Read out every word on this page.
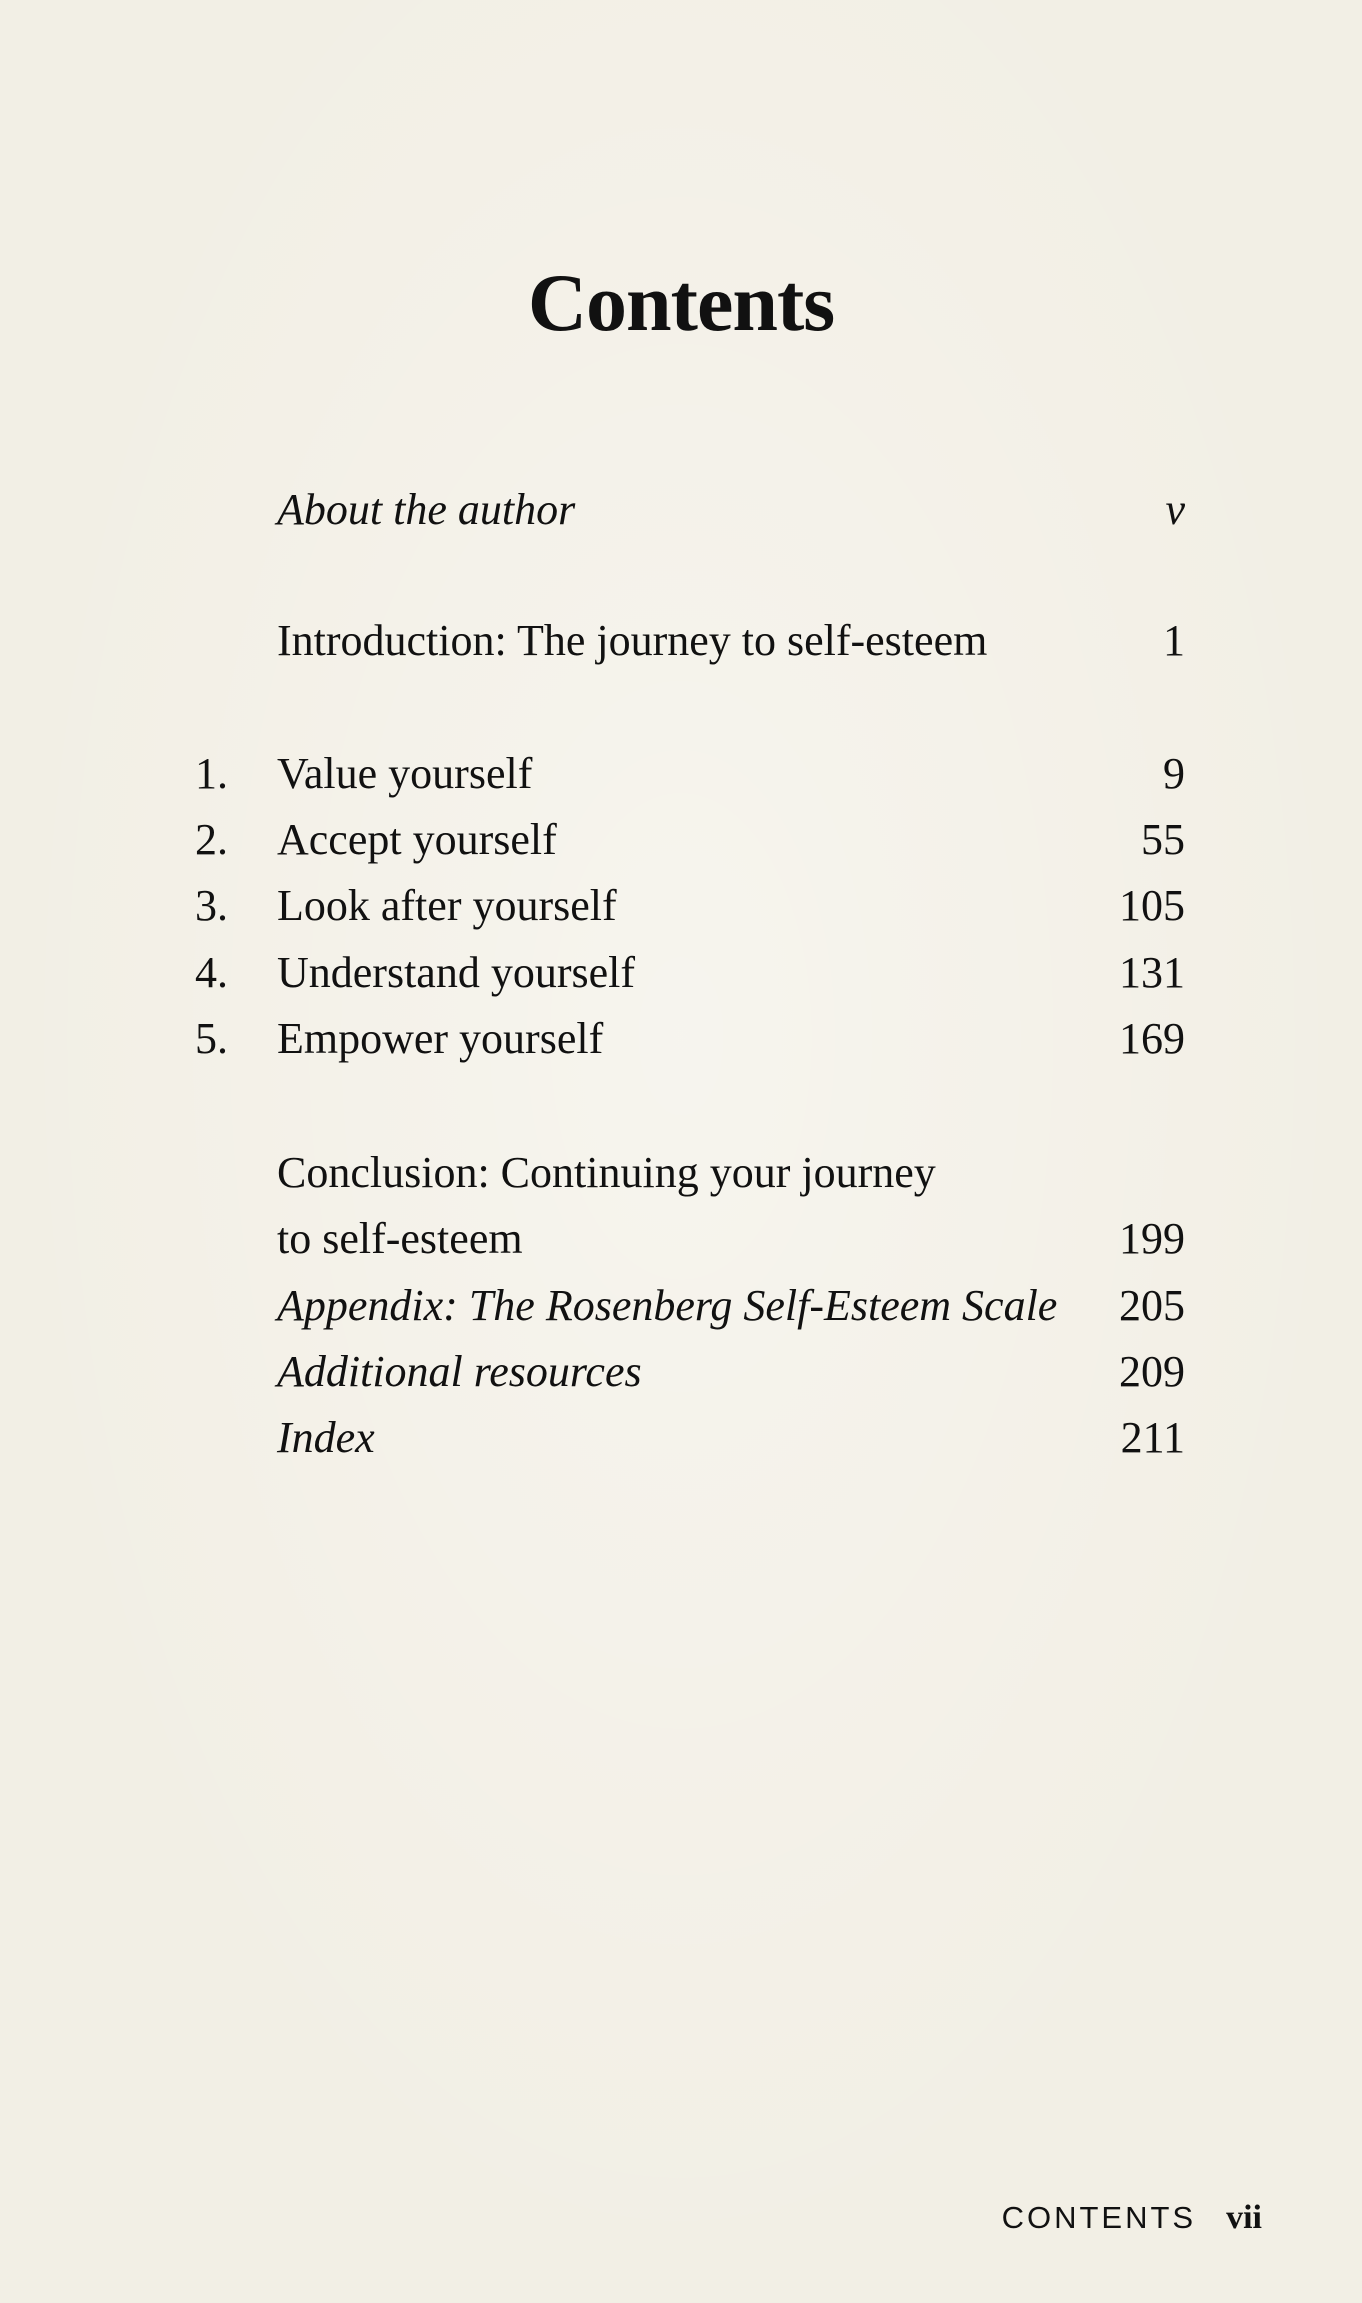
Contents
About the author	v
Introduction: The journey to self-esteem	1
1.	Value yourself	9
2.	Accept yourself	55
3.	Look after yourself	105
4.	Understand yourself	131
5.	Empower yourself	169
Conclusion: Continuing your journey
to self-esteem	199
Appendix: The Rosenberg Self-Esteem Scale 205
Additional resources	209
Index	211
CONTENTS vii
